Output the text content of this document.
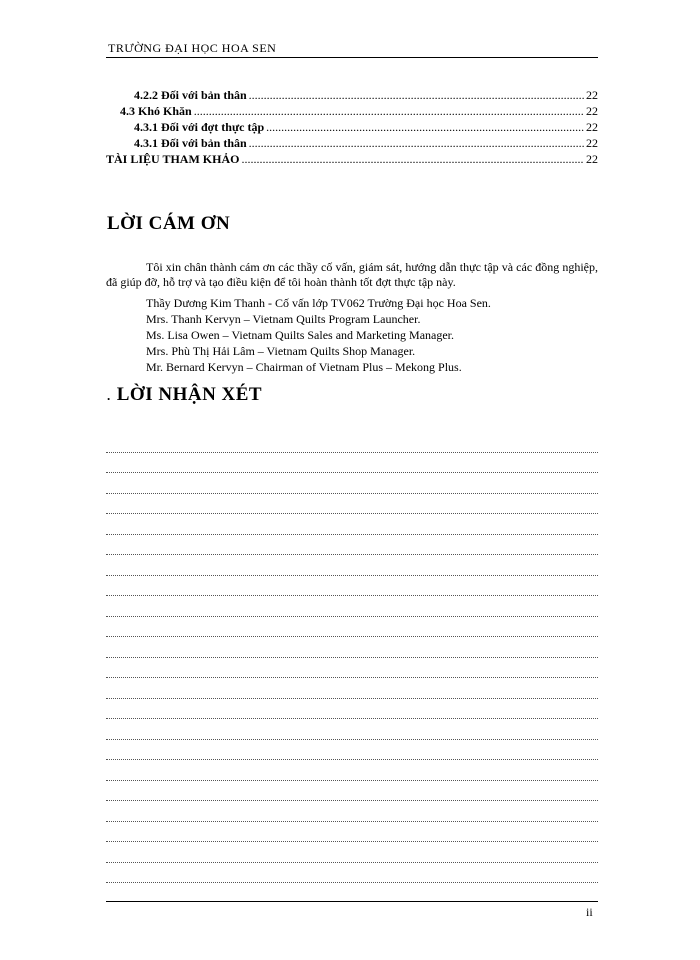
TRƯỜNG ĐẠI HỌC HOA SEN
4.2.2 Đối với bản thân .....	22
4.3 Khó Khăn .....	22
4.3.1 Đối với đợt thực tập .....	22
4.3.1 Đối với bản thân .....	22
TÀI LIỆU THAM KHẢO .....	22
LỜI CÁM ƠN

Tôi xin chân thành cám ơn các thầy cố vấn, giám sát, hướng dẫn thực tập và các đồng nghiệp, đã giúp đỡ, hỗ trợ và tạo điều kiện để tôi hoàn thành tốt đợt thực tập này.

Thầy Dương Kim Thanh - Cố vấn lớp TV062 Trường Đại học Hoa Sen.
Mrs. Thanh Kervyn – Vietnam Quilts Program Launcher.
Ms. Lisa Owen – Vietnam Quilts Sales and Marketing Manager.
Mrs. Phù Thị Hải Lâm – Vietnam Quilts Shop Manager.
Mr. Bernard Kervyn – Chairman of Vietnam Plus – Mekong Plus.
. LỜI NHẬN XÉT
ii
